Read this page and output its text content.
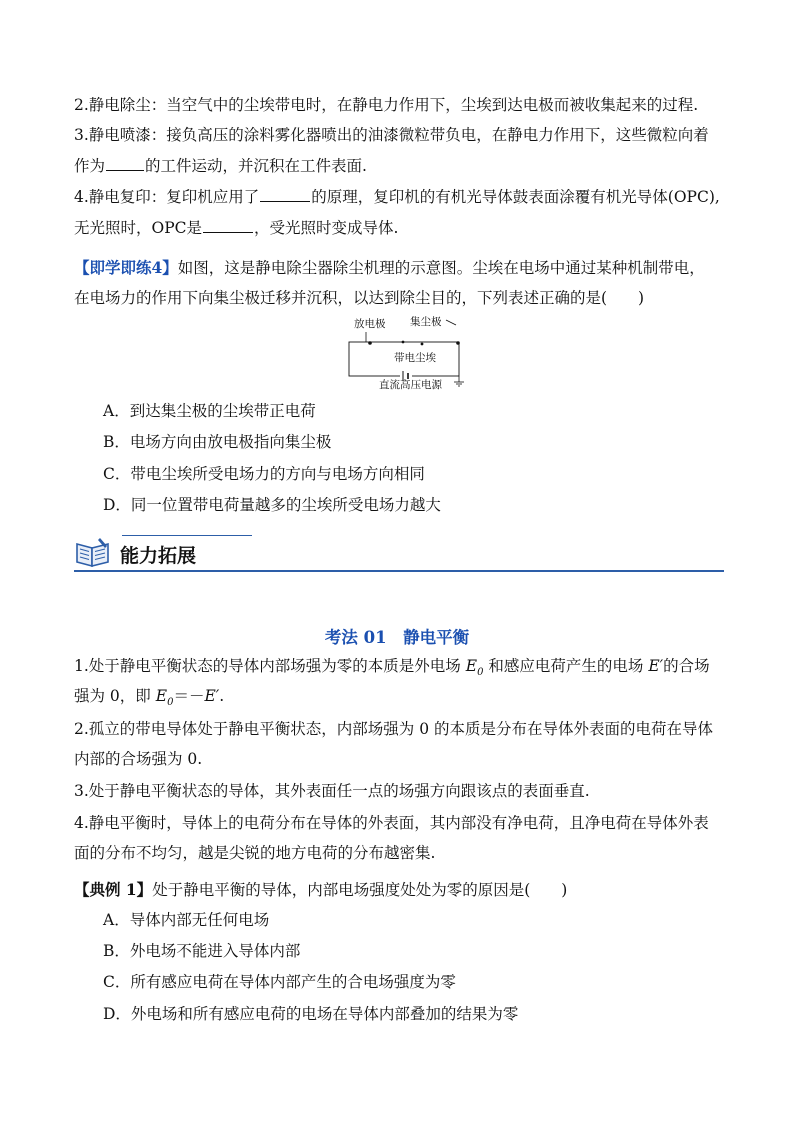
2.静电除尘：当空气中的尘埃带电时，在静电力作用下，尘埃到达电极而被收集起来的过程.
3.静电喷漆：接负高压的涂料雾化器喷出的油漆微粒带负电，在静电力作用下，这些微粒向着
作为	的工件运动，并沉积在工件表面.
4.静电复印：复印机应用了	的原理，复印机的有机光导体鼓表面涂覆有机光导体(OPC),
无光照时，OPC是	，受光照时变成导体.
【即学即练4】如图，这是静电除尘器除尘机理的示意图。尘埃在电场中通过某种机制带电，
在电场力的作用下向集尘极迁移并沉积，以达到除尘目的，下列表述正确的是(　　)
放电极 集尘极
带电尘埃
直流高压电源
A．到达集尘极的尘埃带正电荷
B．电场方向由放电极指向集尘极
C．带电尘埃所受电场力的方向与电场方向相同
D．同一位置带电荷量越多的尘埃所受电场力越大
能力拓展
考法 01　静电平衡
1.处于静电平衡状态的导体内部场强为零的本质是外电场 $E_0$ 和感应电荷产生的电场 E′的合场
强为 0，即 $E_0=-E'$.
2.孤立的带电导体处于静电平衡状态，内部场强为 0 的本质是分布在导体外表面的电荷在导体
内部的合场强为 0.
3.处于静电平衡状态的导体，其外表面任一点的场强方向跟该点的表面垂直.
4.静电平衡时，导体上的电荷分布在导体的外表面，其内部没有净电荷，且净电荷在导体外表
面的分布不均匀，越是尖锐的地方电荷的分布越密集.
【典例 1】处于静电平衡的导体，内部电场强度处处为零的原因是(　　)
A．导体内部无任何电场
B．外电场不能进入导体内部
C．所有感应电荷在导体内部产生的合电场强度为零
D．外电场和所有感应电荷的电场在导体内部叠加的结果为零
